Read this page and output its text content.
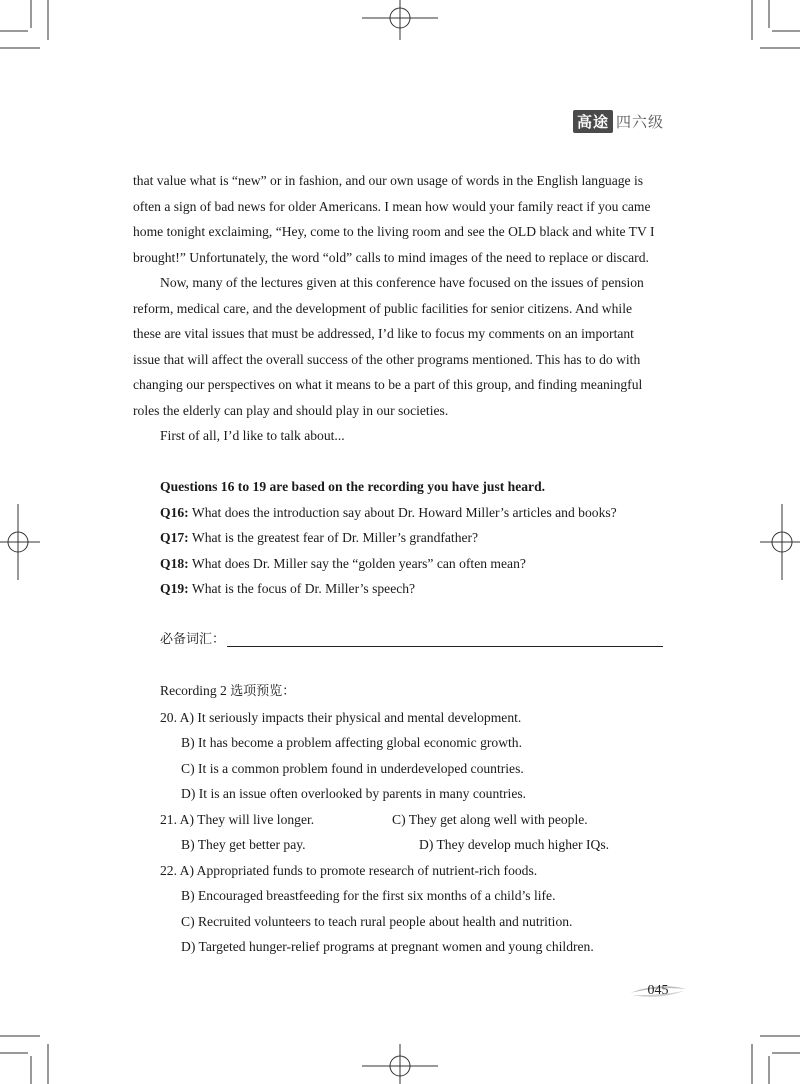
高途 四六级

that value what is “new” or in fashion, and our own usage of words in the English language is often a sign of bad news for older Americans. I mean how would your family react if you came home tonight exclaiming, “Hey, come to the living room and see the OLD black and white TV I brought!” Unfortunately, the word “old” calls to mind images of the need to replace or discard.

Now, many of the lectures given at this conference have focused on the issues of pension reform, medical care, and the development of public facilities for senior citizens. And while these are vital issues that must be addressed, I’d like to focus my comments on an important issue that will affect the overall success of the other programs mentioned. This has to do with changing our perspectives on what it means to be a part of this group, and finding meaningful roles the elderly can play and should play in our societies.

First of all, I’d like to talk about...

Questions 16 to 19 are based on the recording you have just heard.

Q16: What does the introduction say about Dr. Howard Miller’s articles and books?

Q17: What is the greatest fear of Dr. Miller’s grandfather?

Q18: What does Dr. Miller say the “golden years” can often mean?

Q19: What is the focus of Dr. Miller’s speech?

必备词汇：

Recording 2 选项预览：

20. A) It seriously impacts their physical and mental development.

B) It has become a problem affecting global economic growth.

C) It is a common problem found in underdeveloped countries.

D) It is an issue often overlooked by parents in many countries.

21. A) They will live longer.	C) They get along well with people.
B) They get better pay.	D) They develop much higher IQs.

22. A) Appropriated funds to promote research of nutrient-rich foods.

B) Encouraged breastfeeding for the first six months of a child’s life.

C) Recruited volunteers to teach rural people about health and nutrition.

D) Targeted hunger-relief programs at pregnant women and young children.

045
